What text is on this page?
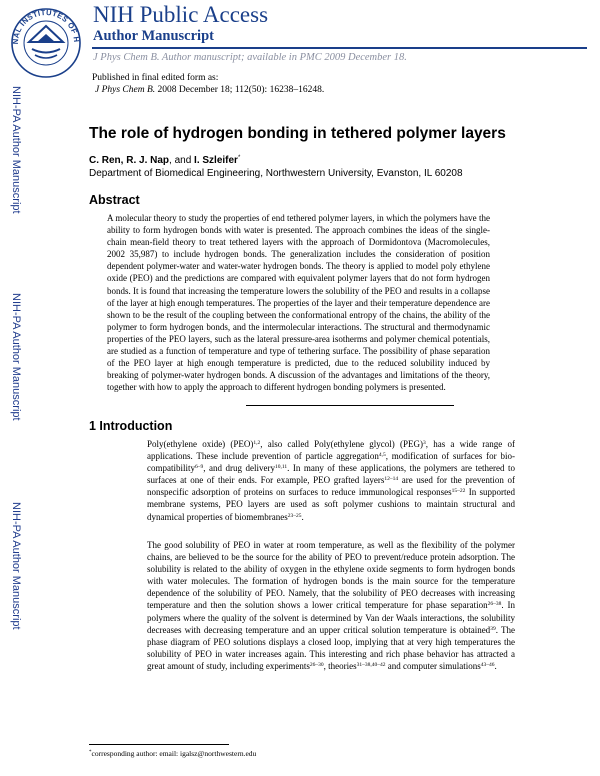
NAL INSTITUTES OF H
NIH Public Access
Author Manuscript
J Phys Chem B. Author manuscript; available in PMC 2009 December 18.
Published in final edited form as:
J Phys Chem B. 2008 December 18; 112(50): 16238–16248.
NIH-PA Author Manuscript
NIH-PA Author Manuscript
NIH-PA Author Manuscript
The role of hydrogen bonding in tethered polymer layers
C. Ren, R. J. Nap, and I. Szleifer*
Department of Biomedical Engineering, Northwestern University, Evanston, IL 60208
Abstract
A molecular theory to study the properties of end tethered polymer layers, in which the polymers have the ability to form hydrogen bonds with water is presented. The approach combines the ideas of the single-chain mean-field theory to treat tethered layers with the approach of Dormidontova (Macromolecules, 2002 35,987) to include hydrogen bonds. The generalization includes the consideration of position dependent polymer-water and water-water hydrogen bonds. The theory is applied to model poly ethylene oxide (PEO) and the predictions are compared with equivalent polymer layers that do not form hydrogen bonds. It is found that increasing the temperature lowers the solubility of the PEO and results in a collapse of the layer at high enough temperatures. The properties of the layer and their temperature dependence are shown to be the result of the coupling between the conformational entropy of the chains, the ability of the polymer to form hydrogen bonds, and the intermolecular interactions. The structural and thermodynamic properties of the PEO layers, such as the lateral pressure-area isotherms and polymer chemical potentials, are studied as a function of temperature and type of tethering surface. The possibility of phase separation of the PEO layer at high enough temperature is predicted, due to the reduced solubility induced by breaking of polymer-water hydrogen bonds. A discussion of the advantages and limitations of the theory, together with how to apply the approach to different hydrogen bonding polymers is presented.
1 Introduction
Poly(ethylene oxide) (PEO)$^{1,2}$, also called Poly(ethylene glycol) (PEG)$^3$, has a wide range of applications. These include prevention of particle aggregation$^{4,5}$, modification of surfaces for bio-compatibility$^{6-9}$, and drug delivery$^{10,11}$. In many of these applications, the polymers are tethered to surfaces at one of their ends. For example, PEO grafted layers$^{12-14}$ are used for the prevention of nonspecific adsorption of proteins on surfaces to reduce immunological responses$^{15-22}$ In supported membrane systems, PEO layers are used as soft polymer cushions to maintain structural and dynamical properties of biomembranes$^{23-25}$.
The good solubility of PEO in water at room temperature, as well as the flexibility of the polymer chains, are believed to be the source for the ability of PEO to prevent/reduce protein adsorption. The solubility is related to the ability of oxygen in the ethylene oxide segments to form hydrogen bonds with water molecules. The formation of hydrogen bonds is the main source for the temperature dependence of the solubility of PEO. Namely, that the solubility of PEO decreases with increasing temperature and then the solution shows a lower critical temperature for phase separation$^{26-38}$. In polymers where the quality of the solvent is determined by Van der Waals interactions, the solubility decreases with decreasing temperature and an upper critical solution temperature is obtained$^{39}$. The phase diagram of PEO solutions displays a closed loop, implying that at very high temperatures the solubility of PEO in water increases again. This interesting and rich phase behavior has attracted a great amount of study, including experiments$^{26-30}$, theories$^{31-38,40-42}$ and computer simulations$^{43-46}$.
*corresponding author: email: igalsz@northwestern.edu
